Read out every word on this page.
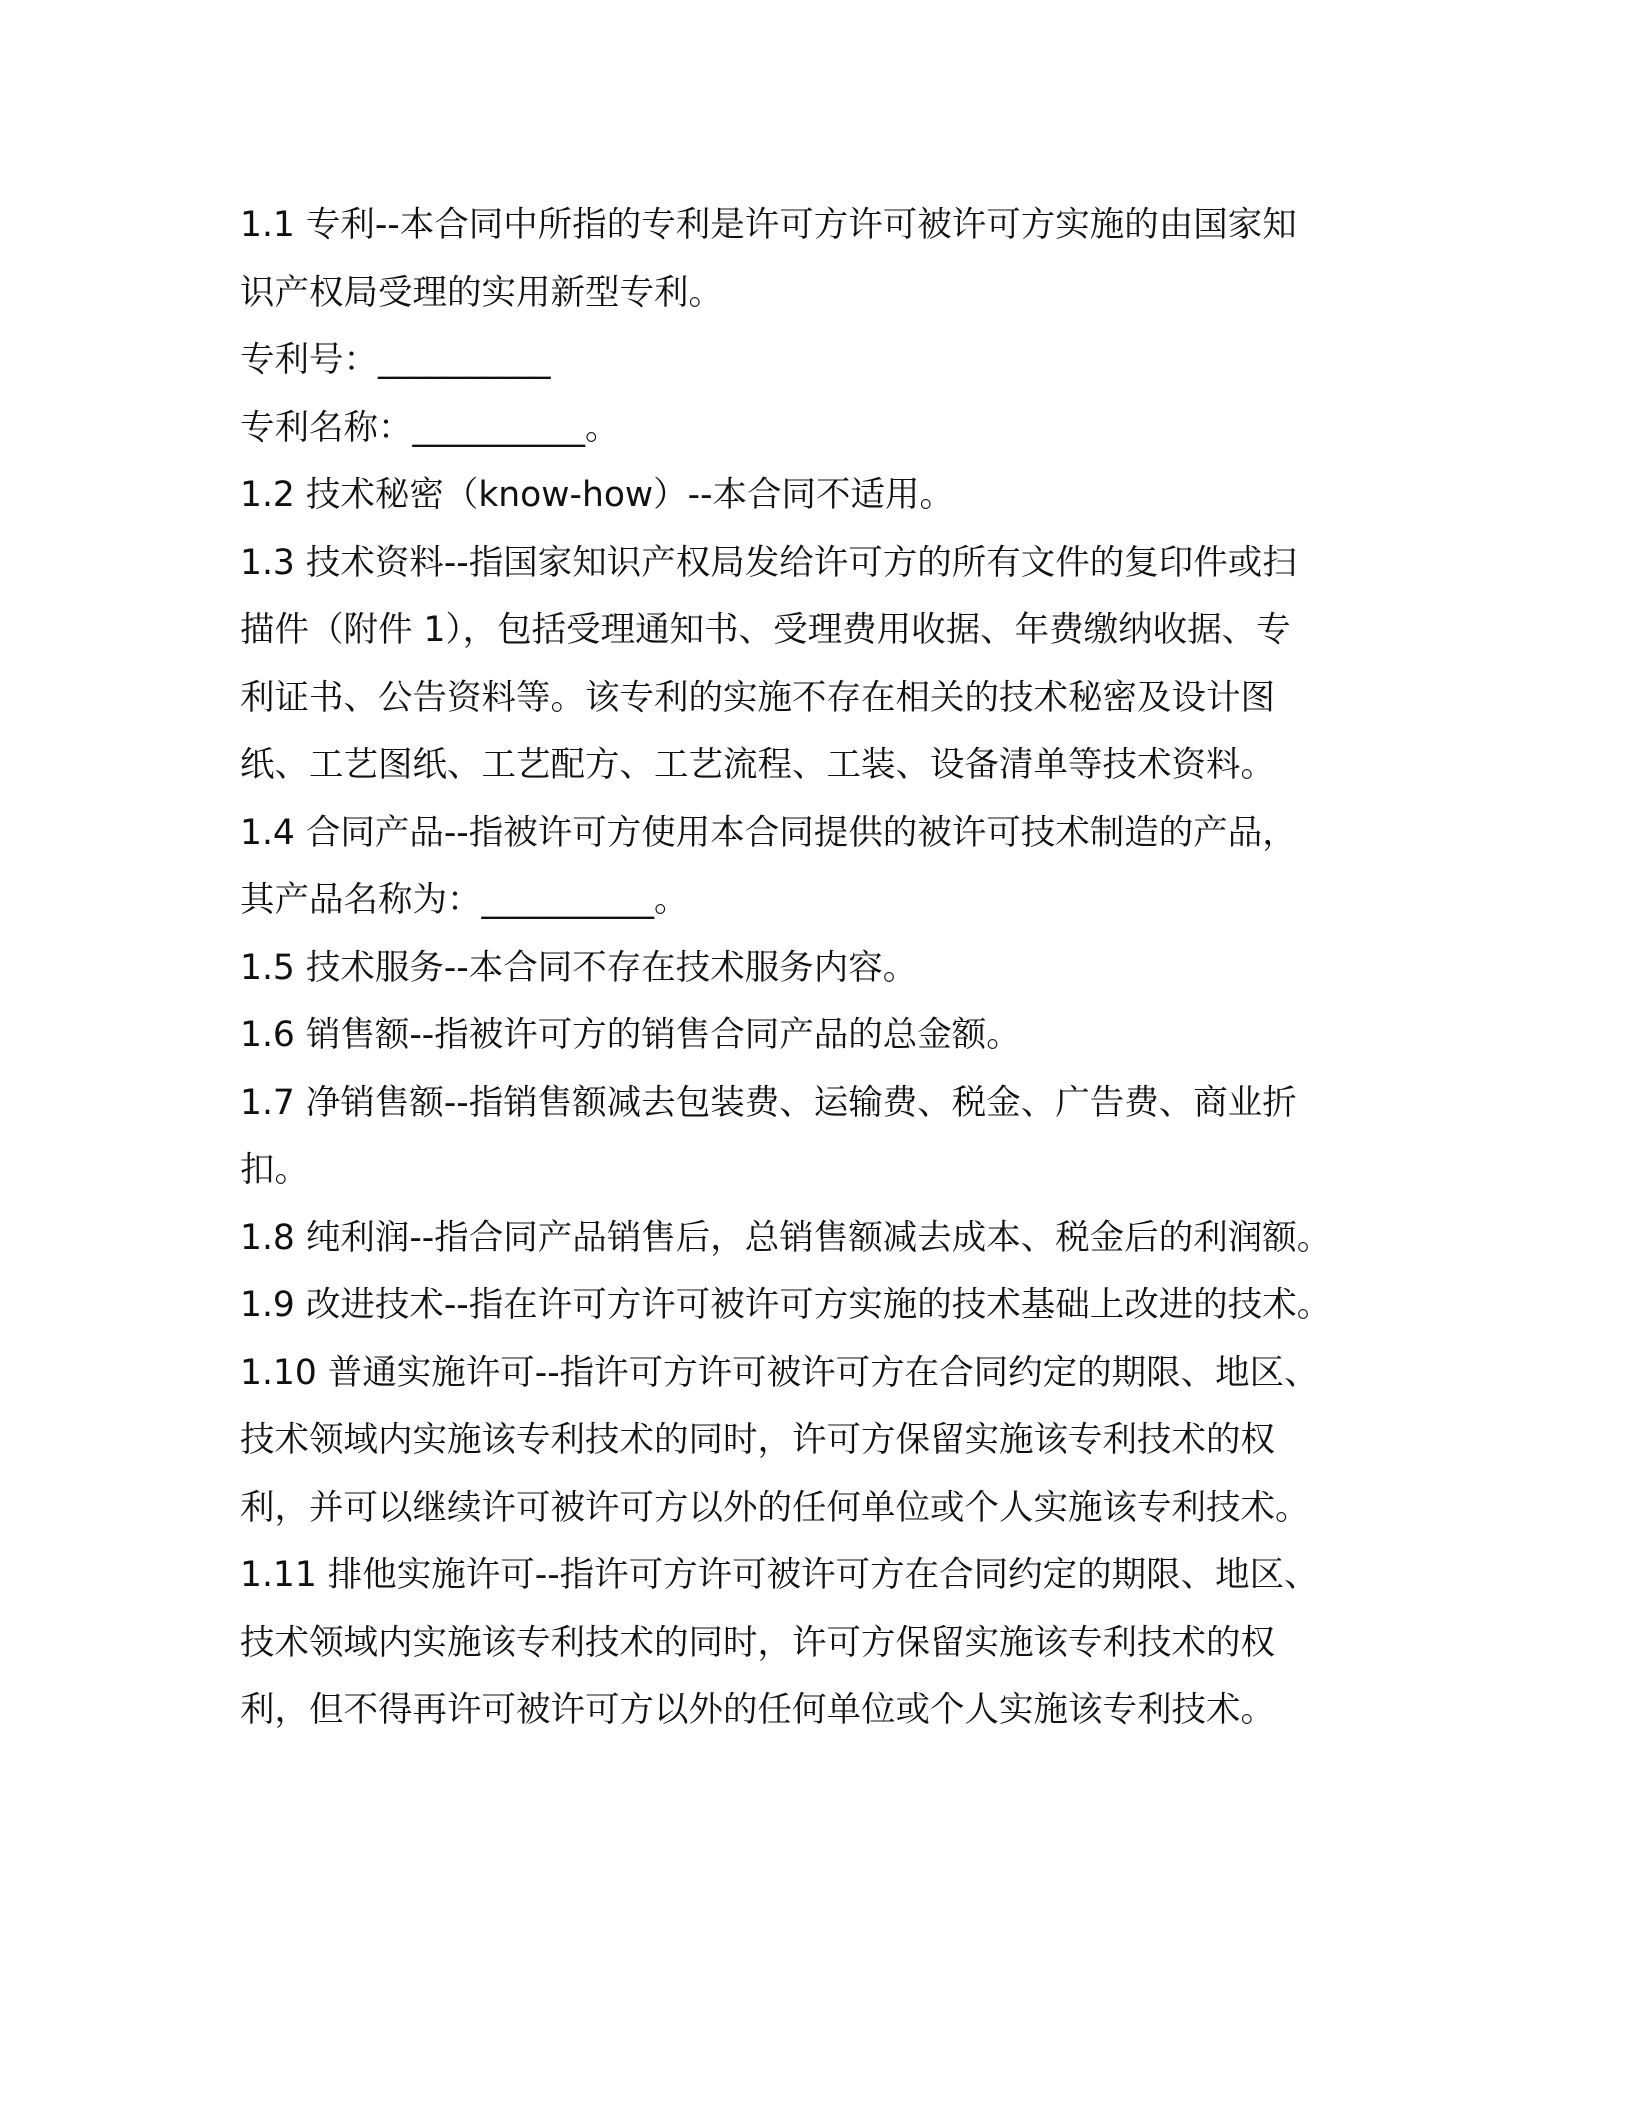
1.1 专利--本合同中所指的专利是许可方许可被许可方实施的由国家知
识产权局受理的实用新型专利。
专利号：__________
专利名称：__________。
1.2 技术秘密（know-how）--本合同不适用。
1.3 技术资料--指国家知识产权局发给许可方的所有文件的复印件或扫
描件（附件 1），包括受理通知书、受理费用收据、年费缴纳收据、专
利证书、公告资料等。该专利的实施不存在相关的技术秘密及设计图
纸、工艺图纸、工艺配方、工艺流程、工装、设备清单等技术资料。
1.4 合同产品--指被许可方使用本合同提供的被许可技术制造的产品，
其产品名称为：__________。
1.5 技术服务--本合同不存在技术服务内容。
1.6 销售额--指被许可方的销售合同产品的总金额。
1.7 净销售额--指销售额减去包装费、运输费、税金、广告费、商业折
扣。
1.8 纯利润--指合同产品销售后，总销售额减去成本、税金后的利润额。
1.9 改进技术--指在许可方许可被许可方实施的技术基础上改进的技术。
1.10 普通实施许可--指许可方许可被许可方在合同约定的期限、地区、
技术领域内实施该专利技术的同时，许可方保留实施该专利技术的权
利，并可以继续许可被许可方以外的任何单位或个人实施该专利技术。
1.11 排他实施许可--指许可方许可被许可方在合同约定的期限、地区、
技术领域内实施该专利技术的同时，许可方保留实施该专利技术的权
利，但不得再许可被许可方以外的任何单位或个人实施该专利技术。
